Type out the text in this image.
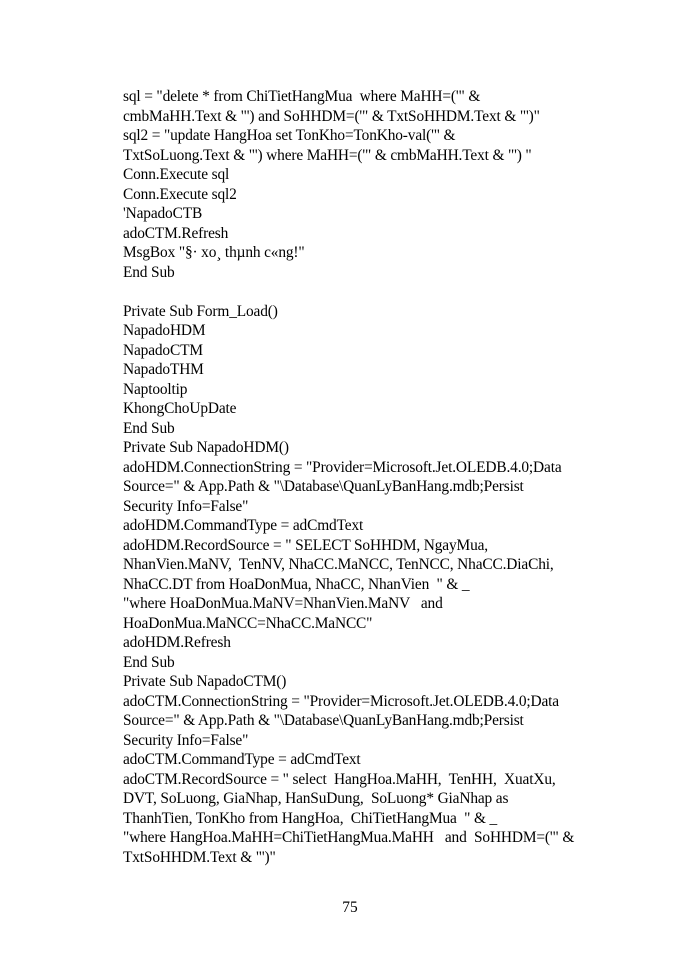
sql = "delete * from ChiTietHangMua  where MaHH=('" &
cmbMaHH.Text & "') and SoHHDM=('" & TxtSoHHDM.Text & "')"
sql2 = "update HangHoa set TonKho=TonKho-val('" &
TxtSoLuong.Text & "') where MaHH=('" & cmbMaHH.Text & "') "
Conn.Execute sql
Conn.Execute sql2
'NapadoCTB
adoCTM.Refresh
MsgBox "§· xo¸ thµnh c«ng!"
End Sub
Private Sub Form_Load()
NapadoHDM
NapadoCTM
NapadoTHM
Naptooltip
KhongChoUpDate
End Sub
Private Sub NapadoHDM()
adoHDM.ConnectionString = "Provider=Microsoft.Jet.OLEDB.4.0;Data
Source=" & App.Path & "\Database\QuanLyBanHang.mdb;Persist
Security Info=False"
adoHDM.CommandType = adCmdText
adoHDM.RecordSource = " SELECT SoHHDM, NgayMua,
NhanVien.MaNV,  TenNV, NhaCC.MaNCC, TenNCC, NhaCC.DiaChi,
NhaCC.DT from HoaDonMua, NhaCC, NhanVien  " & _
"where HoaDonMua.MaNV=NhanVien.MaNV   and
HoaDonMua.MaNCC=NhaCC.MaNCC"
adoHDM.Refresh
End Sub
Private Sub NapadoCTM()
adoCTM.ConnectionString = "Provider=Microsoft.Jet.OLEDB.4.0;Data
Source=" & App.Path & "\Database\QuanLyBanHang.mdb;Persist
Security Info=False"
adoCTM.CommandType = adCmdText
adoCTM.RecordSource = " select  HangHoa.MaHH,  TenHH,  XuatXu,
DVT, SoLuong, GiaNhap, HanSuDung,  SoLuong* GiaNhap as
ThanhTien, TonKho from HangHoa,  ChiTietHangMua  " & _
"where HangHoa.MaHH=ChiTietHangMua.MaHH   and  SoHHDM=('" &
TxtSoHHDM.Text & "')"
75
